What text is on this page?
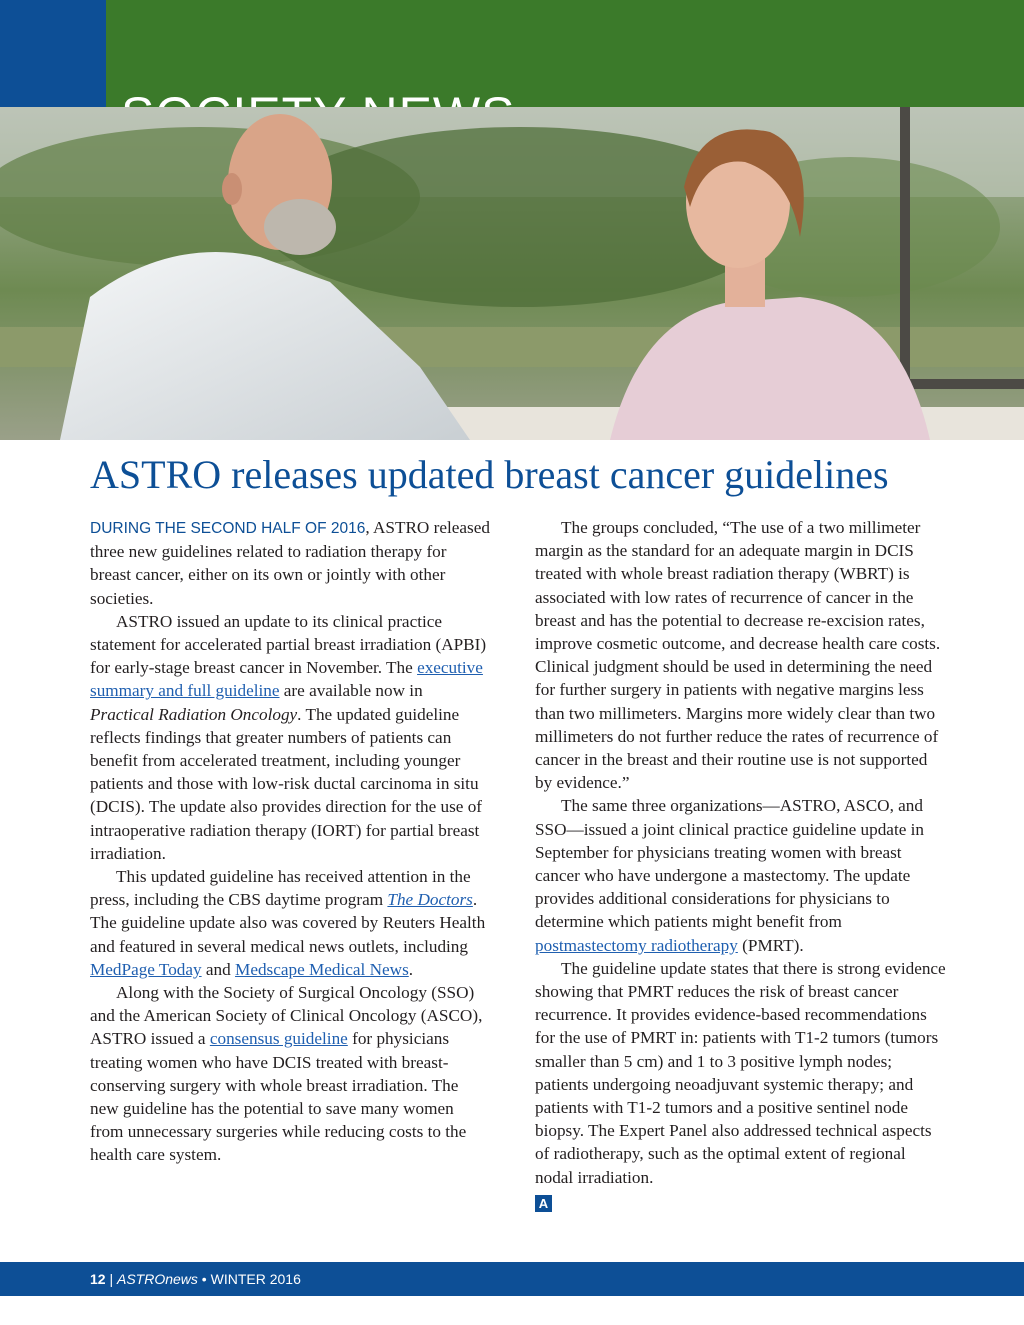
ASTRO releases updated breast cancer guidelines

DURING THE SECOND HALF OF 2016, ASTRO released three new guidelines related to radiation therapy for breast cancer, either on its own or jointly with other societies.

ASTRO issued an update to its clinical practice statement for accelerated partial breast irradiation (APBI) for early-stage breast cancer in November. The executive summary and full guideline are available now in Practical Radiation Oncology. The updated guideline reflects findings that greater numbers of patients can benefit from accelerated treatment, including younger patients and those with low-risk ductal carcinoma in situ (DCIS). The update also provides direction for the use of intraoperative radiation therapy (IORT) for partial breast irradiation.

This updated guideline has received attention in the press, including the CBS daytime program The Doctors. The guideline update also was covered by Reuters Health and featured in several medical news outlets, including MedPage Today and Medscape Medical News.

Along with the Society of Surgical Oncology (SSO) and the American Society of Clinical Oncology (ASCO), ASTRO issued a consensus guideline for physicians treating women who have DCIS treated with breast-conserving surgery with whole breast irradiation. The new guideline has the potential to save many women from unnecessary surgeries while reducing costs to the health care system.

The groups concluded, “The use of a two millimeter margin as the standard for an adequate margin in DCIS treated with whole breast radiation therapy (WBRT) is associated with low rates of recurrence of cancer in the breast and has the potential to decrease re-excision rates, improve cosmetic outcome, and decrease health care costs. Clinical judgment should be used in determining the need for further surgery in patients with negative margins less than two millimeters. Margins more widely clear than two millimeters do not further reduce the rates of recurrence of cancer in the breast and their routine use is not supported by evidence.”

The same three organizations—ASTRO, ASCO, and SSO—issued a joint clinical practice guideline update in September for physicians treating women with breast cancer who have undergone a mastectomy. The update provides additional considerations for physicians to determine which patients might benefit from postmastectomy radiotherapy (PMRT).

The guideline update states that there is strong evidence showing that PMRT reduces the risk of breast cancer recurrence. It provides evidence-based recommendations for the use of PMRT in: patients with T1-2 tumors (tumors smaller than 5 cm) and 1 to 3 positive lymph nodes; patients undergoing neoadjuvant systemic therapy; and patients with T1-2 tumors and a positive sentinel node biopsy. The Expert Panel also addressed technical aspects of radiotherapy, such as the optimal extent of regional nodal irradiation.

A
12 | ASTROnews • WINTER 2016
